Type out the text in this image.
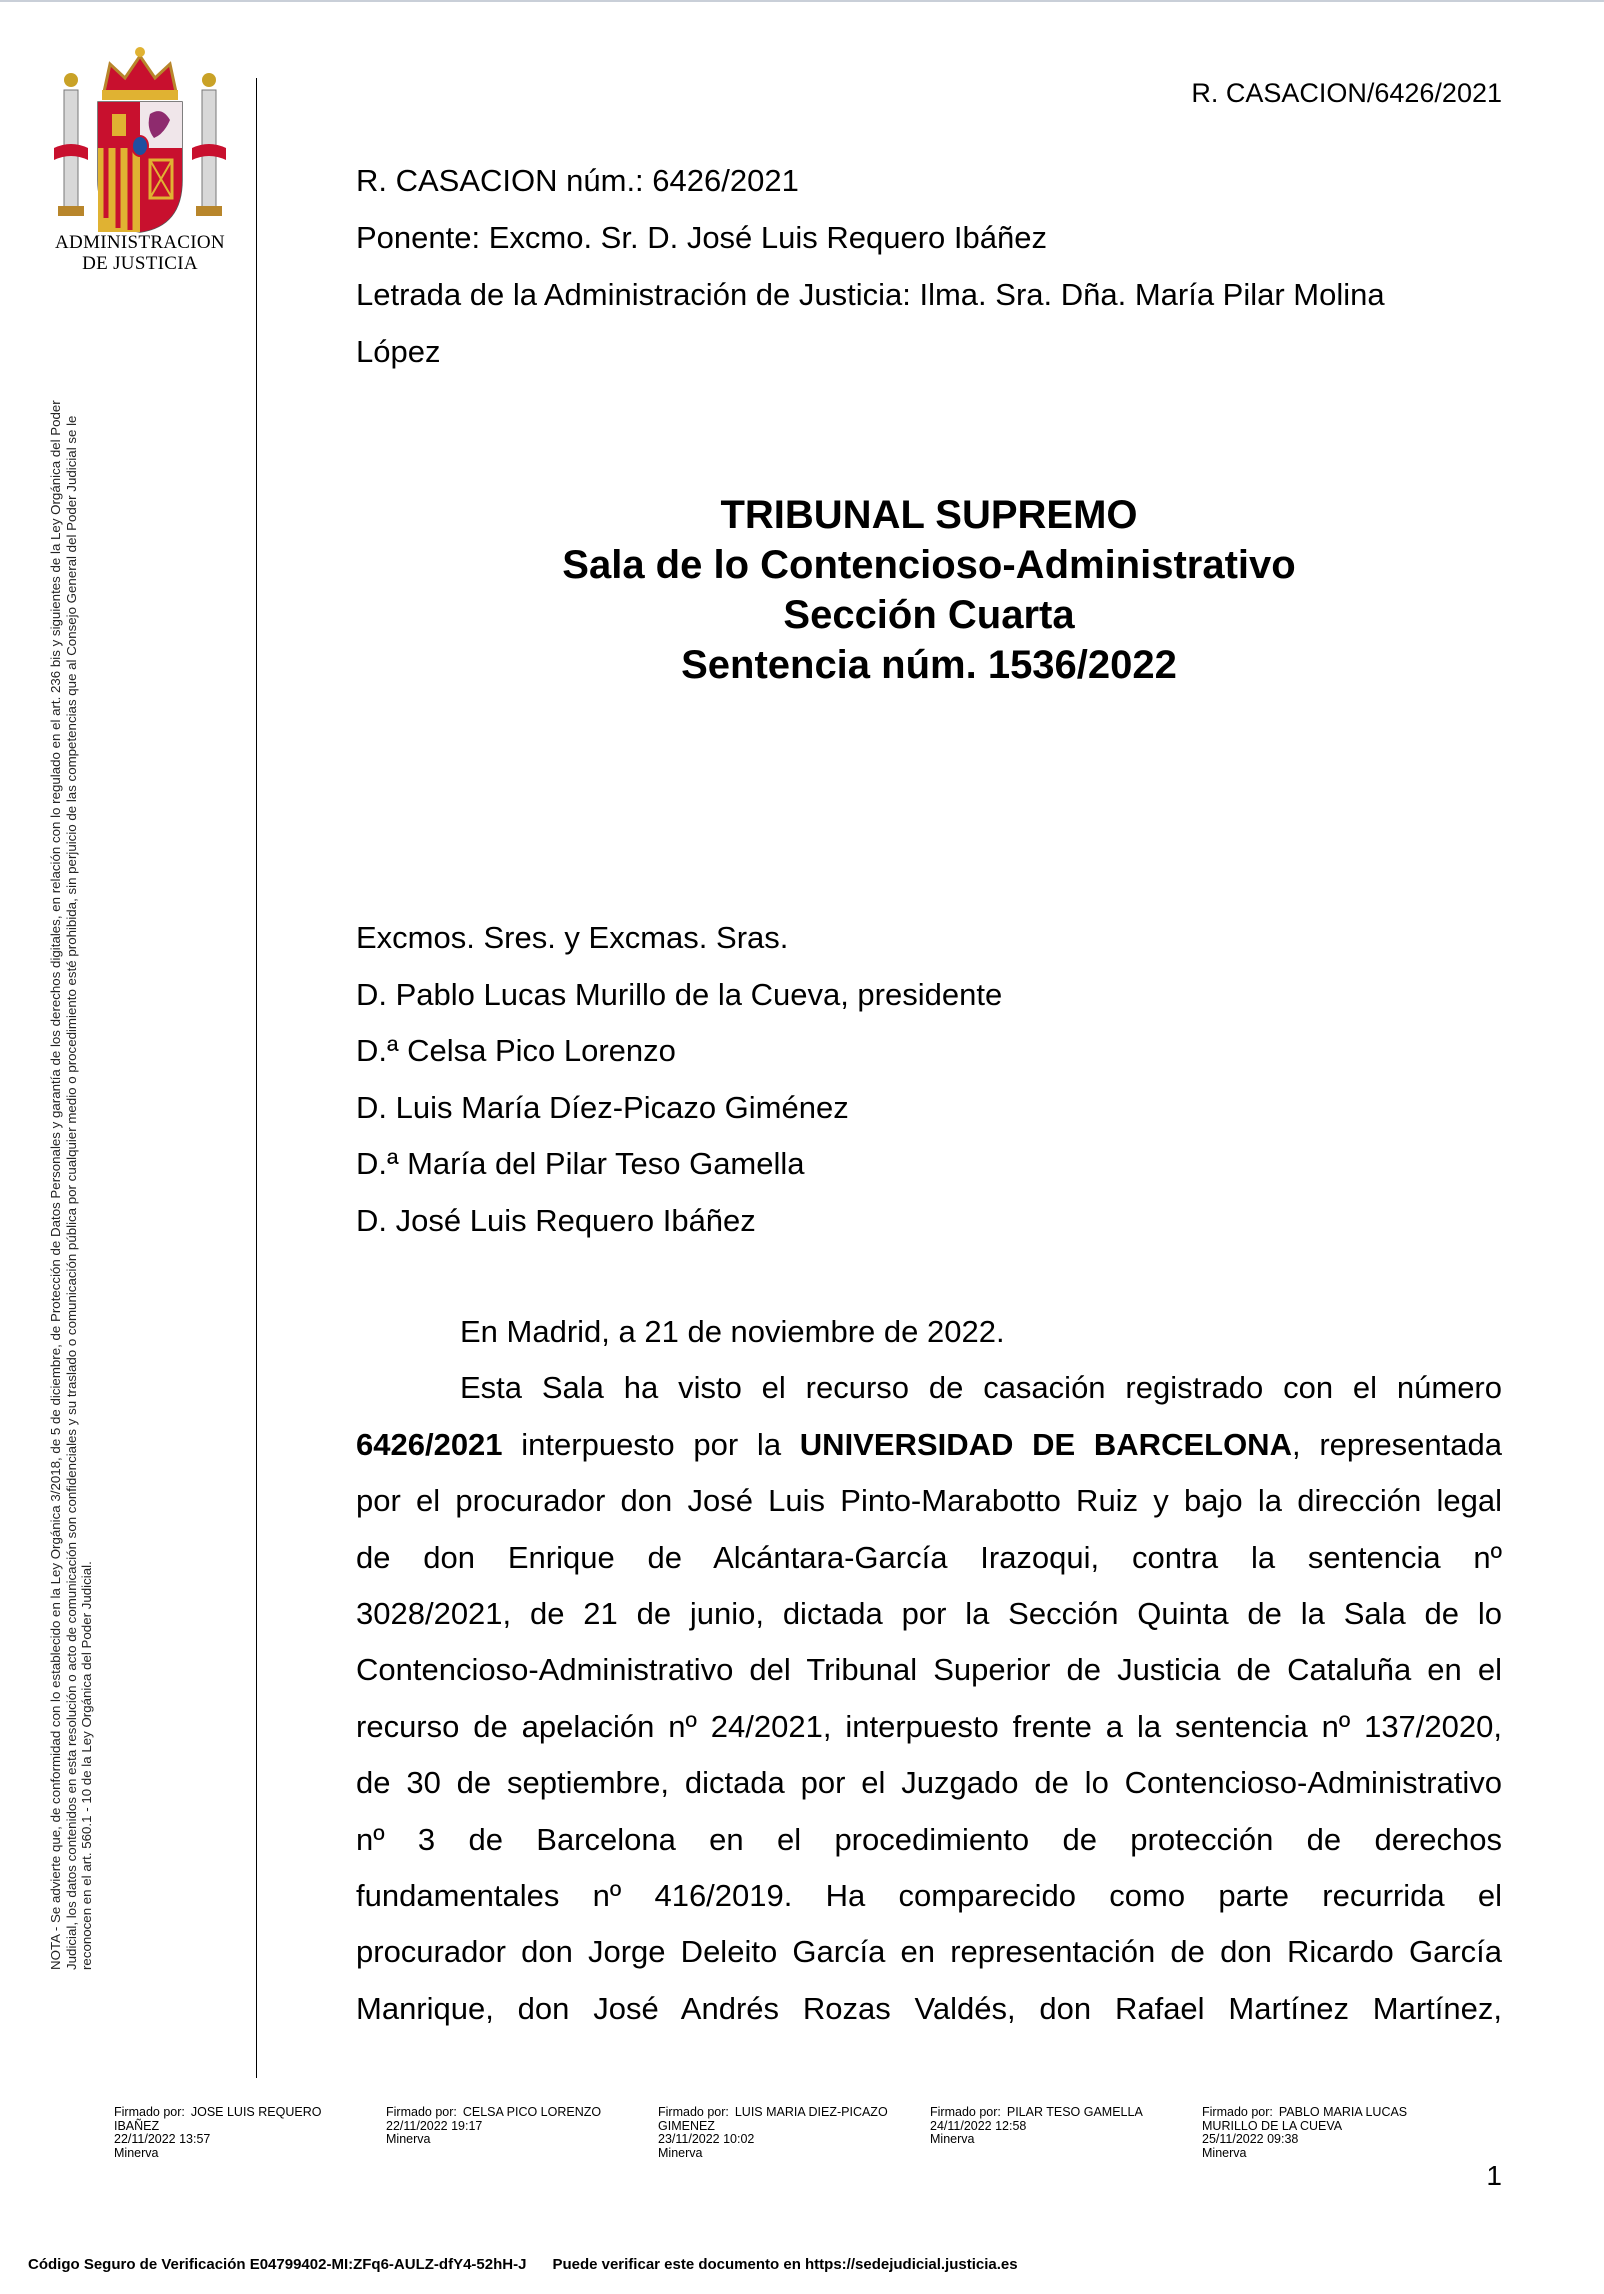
ADMINISTRACION
DE JUSTICIA
NOTA - Se advierte que, de conformidad con lo establecido en la Ley Orgánica 3/2018, de 5 de diciembre, de Protección de Datos Personales y garantía de los derechos digitales, en relación con lo regulado en el art. 236 bis y siguientes de la Ley Orgánica del Poder Judicial, los datos contenidos en esta resolución o acto de comunicación son confidenciales y su traslado o comunicación pública por cualquier medio o procedimiento esté prohibida, sin perjuicio de las competencias que al Consejo General del Poder Judicial se le reconocen en el art. 560.1 - 10 de la Ley Orgánica del Poder Judicial.
R. CASACION/6426/2021
R. CASACION núm.: 6426/2021
Ponente: Excmo. Sr. D. José Luis Requero Ibáñez
Letrada de la Administración de Justicia: Ilma. Sra. Dña. María Pilar Molina
López
TRIBUNAL SUPREMO
Sala de lo Contencioso-Administrativo
Sección Cuarta
Sentencia núm. 1536/2022
Excmos. Sres. y Excmas. Sras.
D. Pablo Lucas Murillo de la Cueva, presidente
D.ª Celsa Pico Lorenzo
D. Luis María Díez-Picazo Giménez
D.ª María del Pilar Teso Gamella
D. José Luis Requero Ibáñez

En Madrid, a 21 de noviembre de 2022.

Esta Sala ha visto el recurso de casación registrado con el número

6426/2021 interpuesto por la UNIVERSIDAD DE BARCELONA, representada

por el procurador don José Luis Pinto-Marabotto Ruiz y bajo la dirección legal

de don Enrique de Alcántara-García Irazoqui, contra la sentencia nº

3028/2021, de 21 de junio, dictada por la Sección Quinta de la Sala de lo

Contencioso-Administrativo del Tribunal Superior de Justicia de Cataluña en el

recurso de apelación nº 24/2021, interpuesto frente a la sentencia nº 137/2020,

de 30 de septiembre, dictada por el Juzgado de lo Contencioso-Administrativo

nº 3 de Barcelona en el procedimiento de protección de derechos

fundamentales nº 416/2019. Ha comparecido como parte recurrida el

procurador don Jorge Deleito García en representación de don Ricardo García

Manrique, don José Andrés Rozas Valdés, don Rafael Martínez Martínez,

Firmado por: JOSE LUIS REQUERO
IBAÑEZ
22/11/2022 13:57
Minerva
Firmado por: CELSA PICO LORENZO
22/11/2022 19:17
Minerva
Firmado por: LUIS MARIA DIEZ-PICAZO
GIMENEZ
23/11/2022 10:02
Minerva
Firmado por: PILAR TESO GAMELLA
24/11/2022 12:58
Minerva
Firmado por: PABLO MARIA LUCAS
MURILLO DE LA CUEVA
25/11/2022 09:38
Minerva
1
Código Seguro de Verificación E04799402-MI:ZFq6-AULZ-dfY4-52hH-J Puede verificar este documento en https://sedejudicial.justicia.es
